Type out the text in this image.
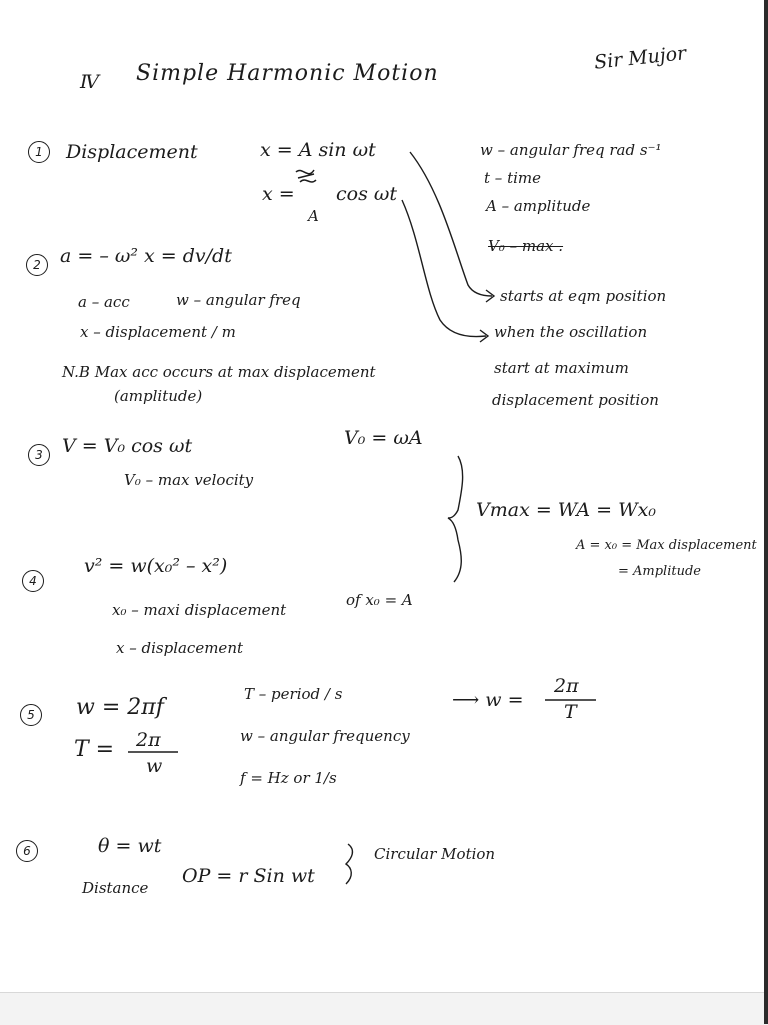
Ⅳ Simple Harmonic Motion	Sir Mujor
1	Displacement	x = A sin ωt
x = cos ωt
A
w – angular freq rad s⁻¹
t – time
A – amplitude
V₀ – max .
starts at eqm position
when the oscillation
start at maximum
displacement position
2	a = – ω² x = dv/dt
a – acc	w – angular freq
x – displacement / m
N.B Max acc occurs at max displacement
(amplitude)
3	V = V₀ cos ωt	V₀ = ωA
V₀ – max velocity
4
v² = w(x₀² – x²)
x₀ – maxi displacement
of x₀ = A
x – displacement
Vmax = WA = Wx₀
A = x₀ = Max displacement
= Amplitude
5	w = 2πf
T = 2π
w
T – period / s
w – angular frequency
f = Hz or 1/s
⟶ w =
2π
T
6	θ = wt
Distance
OP = r Sin wt
Circular Motion
